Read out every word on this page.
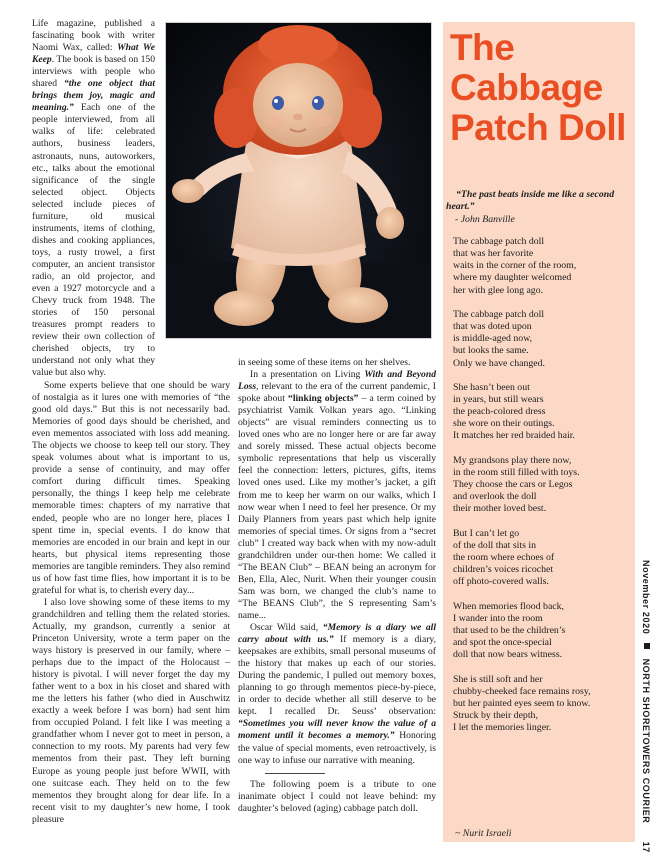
Life magazine, published a fascinating book with writer Naomi Wax, called: What We Keep. The book is based on 150 interviews with people who shared “the one object that brings them joy, magic and meaning.” Each one of the people interviewed, from all walks of life: celebrated authors, business leaders, astronauts, nuns, autoworkers, etc., talks about the emotional significance of the single selected object. Objects selected include pieces of furniture, old musical instruments, items of clothing, dishes and cooking appliances, toys, a rusty trowel, a first computer, an ancient transistor radio, an old projector, and even a 1927 motorcycle and a Chevy truck from 1948. The stories of 150 personal treasures prompt readers to review their own collection of cherished objects, try to understand not only what they value but also why.

Some experts believe that one should be wary of nostalgia as it lures one with memories of “the good old days.” But this is not necessarily bad. Memories of good days should be cherished, and even mementos associated with loss add meaning. The objects we choose to keep tell our story. They speak volumes about what is important to us, provide a sense of continuity, and may offer comfort during difficult times. Speaking personally, the things I keep help me celebrate memorable times: chapters of my narrative that ended, people who are no longer here, places I spent time in, special events. I do know that memories are encoded in our brain and kept in our hearts, but physical items representing those memories are tangible reminders. They also remind us of how fast time flies, how important it is to be grateful for what is, to cherish every day...

I also love showing some of these items to my grandchildren and telling them the related stories. Actually, my grandson, currently a senior at Princeton University, wrote a term paper on the ways history is preserved in our family, where – perhaps due to the impact of the Holocaust – history is pivotal. I will never forget the day my father went to a box in his closet and shared with me the letters his father (who died in Auschwitz exactly a week before I was born) had sent him from occupied Poland. I felt like I was meeting a grandfather whom I never got to meet in person, a connection to my roots. My parents had very few mementos from their past. They left burning Europe as young people just before WWII, with one suitcase each. They held on to the few mementos they brought along for dear life. In a recent visit to my daughter’s new home, I took pleasure

in seeing some of these items on her shelves.

In a presentation on Living With and Beyond Loss, relevant to the era of the current pandemic, I spoke about “linking objects” – a term coined by psychiatrist Vamik Volkan years ago. “Linking objects” are visual reminders connecting us to loved ones who are no longer here or are far away and sorely missed. These actual objects become symbolic representations that help us viscerally feel the connection: letters, pictures, gifts, items loved ones used. Like my mother’s jacket, a gift from me to keep her warm on our walks, which I now wear when I need to feel her presence. Or my Daily Planners from years past which help ignite memories of special times. Or signs from a “secret club” I created way back when with my now-adult grandchildren under our-then home: We called it “The BEAN Club” – BEAN being an acronym for Ben, Ella, Alec, Nurit. When their younger cousin Sam was born, we changed the club’s name to “The BEANS Club”, the S representing Sam’s name...

Oscar Wild said, “Memory is a diary we all carry about with us.” If memory is a diary, keepsakes are exhibits, small personal museums of the history that makes up each of our stories. During the pandemic, I pulled out memory boxes, planning to go through mementos piece-by-piece, in order to decide whether all still deserve to be kept. I recalled Dr. Seuss’ observation: “Sometimes you will never know the value of a moment until it becomes a memory.” Honoring the value of special moments, even retroactively, is one way to infuse our narrative with meaning.

The following poem is a tribute to one inanimate object I could not leave behind: my daughter’s beloved (aging) cabbage patch doll.

The
Cabbage
Patch Doll

“The past beats inside me like a second heart.”

- John Banville

The cabbage patch doll
that was her favorite
waits in the corner of the room,
where my daughter welcomed
her with glee long ago.

The cabbage patch doll
that was doted upon
is middle-aged now,
but looks the same.
Only we have changed.

She hasn’t been out
in years, but still wears
the peach-colored dress
she wore on their outings.
It matches her red braided hair.

My grandsons play there now,
in the room still filled with toys.
They choose the cars or Legos
and overlook the doll
their mother loved best.

But I can’t let go
of the doll that sits in
the room where echoes of
children’s voices ricochet
off photo-covered walls.

When memories flood back,
I wander into the room
that used to be the children’s
and spot the once-special
doll that now bears witness.

She is still soft and her
chubby-cheeked face remains rosy,
but her painted eyes seem to know.
Struck by their depth,
I let the memories linger.

~ Nurit Israeli
November 2020  NORTH SHORETOWERS COURIER  17
